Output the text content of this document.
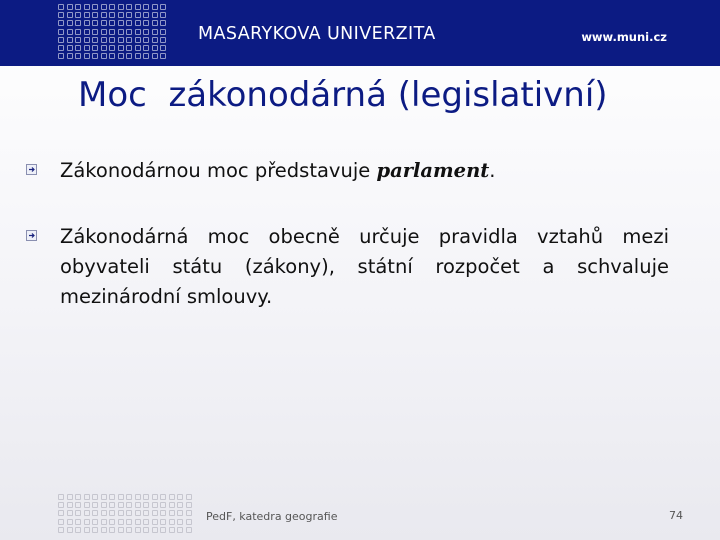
MASARYKOVA UNIVERZITA	www.muni.cz
Moc  zákonodárná (legislativní)
Zákonodárnou moc představuje parlament.
Zákonodárná moc obecně určuje pravidla vztahů mezi obyvateli státu (zákony), státní rozpočet a schvaluje mezinárodní smlouvy.
PedF, katedra geografie	74
